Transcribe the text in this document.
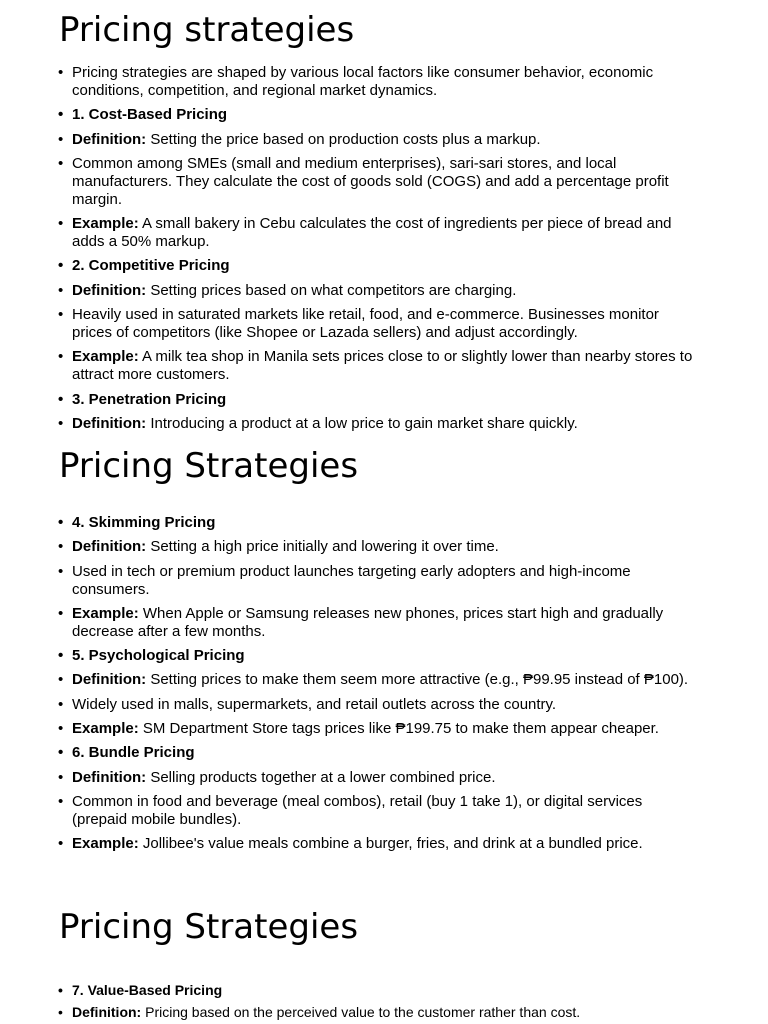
Pricing strategies
• Pricing strategies are shaped by various local factors like consumer behavior, economic conditions, competition, and regional market dynamics.
• 1. Cost-Based Pricing
• Definition: Setting the price based on production costs plus a markup.
• Common among SMEs (small and medium enterprises), sari-sari stores, and local manufacturers. They calculate the cost of goods sold (COGS) and add a percentage profit margin.
• Example: A small bakery in Cebu calculates the cost of ingredients per piece of bread and adds a 50% markup.
• 2. Competitive Pricing
• Definition: Setting prices based on what competitors are charging.
• Heavily used in saturated markets like retail, food, and e-commerce. Businesses monitor prices of competitors (like Shopee or Lazada sellers) and adjust accordingly.
• Example: A milk tea shop in Manila sets prices close to or slightly lower than nearby stores to attract more customers.
• 3. Penetration Pricing
• Definition: Introducing a product at a low price to gain market share quickly.
Pricing Strategies
• 4. Skimming Pricing
• Definition: Setting a high price initially and lowering it over time.
• Used in tech or premium product launches targeting early adopters and high-income consumers.
• Example: When Apple or Samsung releases new phones, prices start high and gradually decrease after a few months.
• 5. Psychological Pricing
• Definition: Setting prices to make them seem more attractive (e.g., ₱99.95 instead of ₱100).
• Widely used in malls, supermarkets, and retail outlets across the country.
• Example: SM Department Store tags prices like ₱199.75 to make them appear cheaper.
• 6. Bundle Pricing
• Definition: Selling products together at a lower combined price.
• Common in food and beverage (meal combos), retail (buy 1 take 1), or digital services (prepaid mobile bundles).
• Example: Jollibee's value meals combine a burger, fries, and drink at a bundled price.
Pricing Strategies
• 7. Value-Based Pricing
• Definition: Pricing based on the perceived value to the customer rather than cost.
